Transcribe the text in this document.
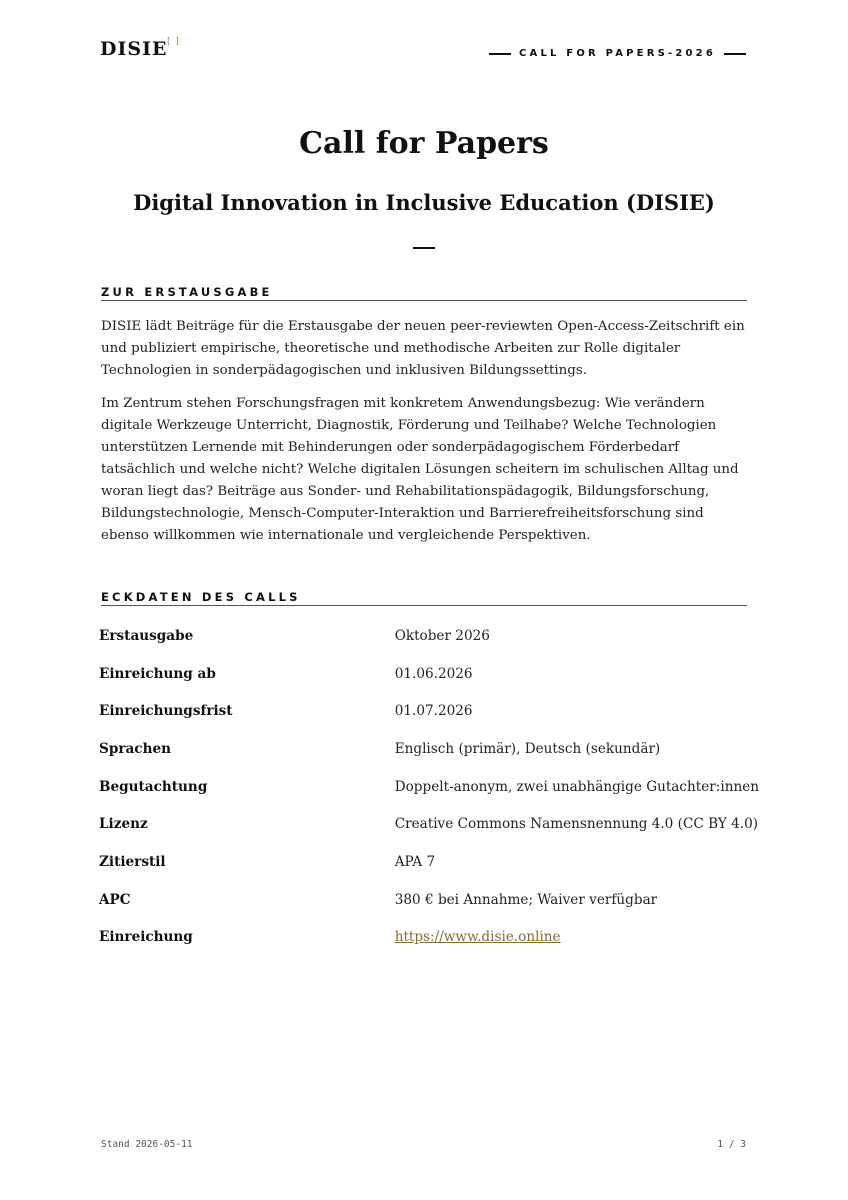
DISIE [ ]
CALL FOR PAPERS-2026
Call for Papers
Digital Innovation in Inclusive Education (DISIE)
ZUR ERSTAUSGABE

DISIE lädt Beiträge für die Erstausgabe der neuen peer-reviewten Open-Access-Zeitschrift ein und publiziert empirische, theoretische und methodische Arbeiten zur Rolle digitaler Technologien in sonderpädagogischen und inklusiven Bildungssettings.

Im Zentrum stehen Forschungsfragen mit konkretem Anwendungsbezug: Wie verändern digitale Werkzeuge Unterricht, Diagnostik, Förderung und Teilhabe? Welche Technologien unterstützen Lernende mit Behinderungen oder sonderpädagogischem Förderbedarf tatsächlich und welche nicht? Welche digitalen Lösungen scheitern im schulischen Alltag und woran liegt das? Beiträge aus Sonder- und Rehabilitationspädagogik, Bildungsforschung, Bildungstechnologie, Mensch-Computer-Interaktion und Barrierefreiheitsforschung sind ebenso willkommen wie internationale und vergleichende Perspektiven.

ECKDATEN DES CALLS
Erstausgabe	Oktober 2026
Einreichung ab	01.06.2026
Einreichungsfrist	01.07.2026
Sprachen	Englisch (primär), Deutsch (sekundär)
Begutachtung	Doppelt-anonym, zwei unabhängige Gutachter:innen
Lizenz	Creative Commons Namensnennung 4.0 (CC BY 4.0)
Zitierstil	APA 7
APC	380 € bei Annahme; Waiver verfügbar
Einreichung	https://www.disie.online
Stand 2026-05-11	1 / 3
